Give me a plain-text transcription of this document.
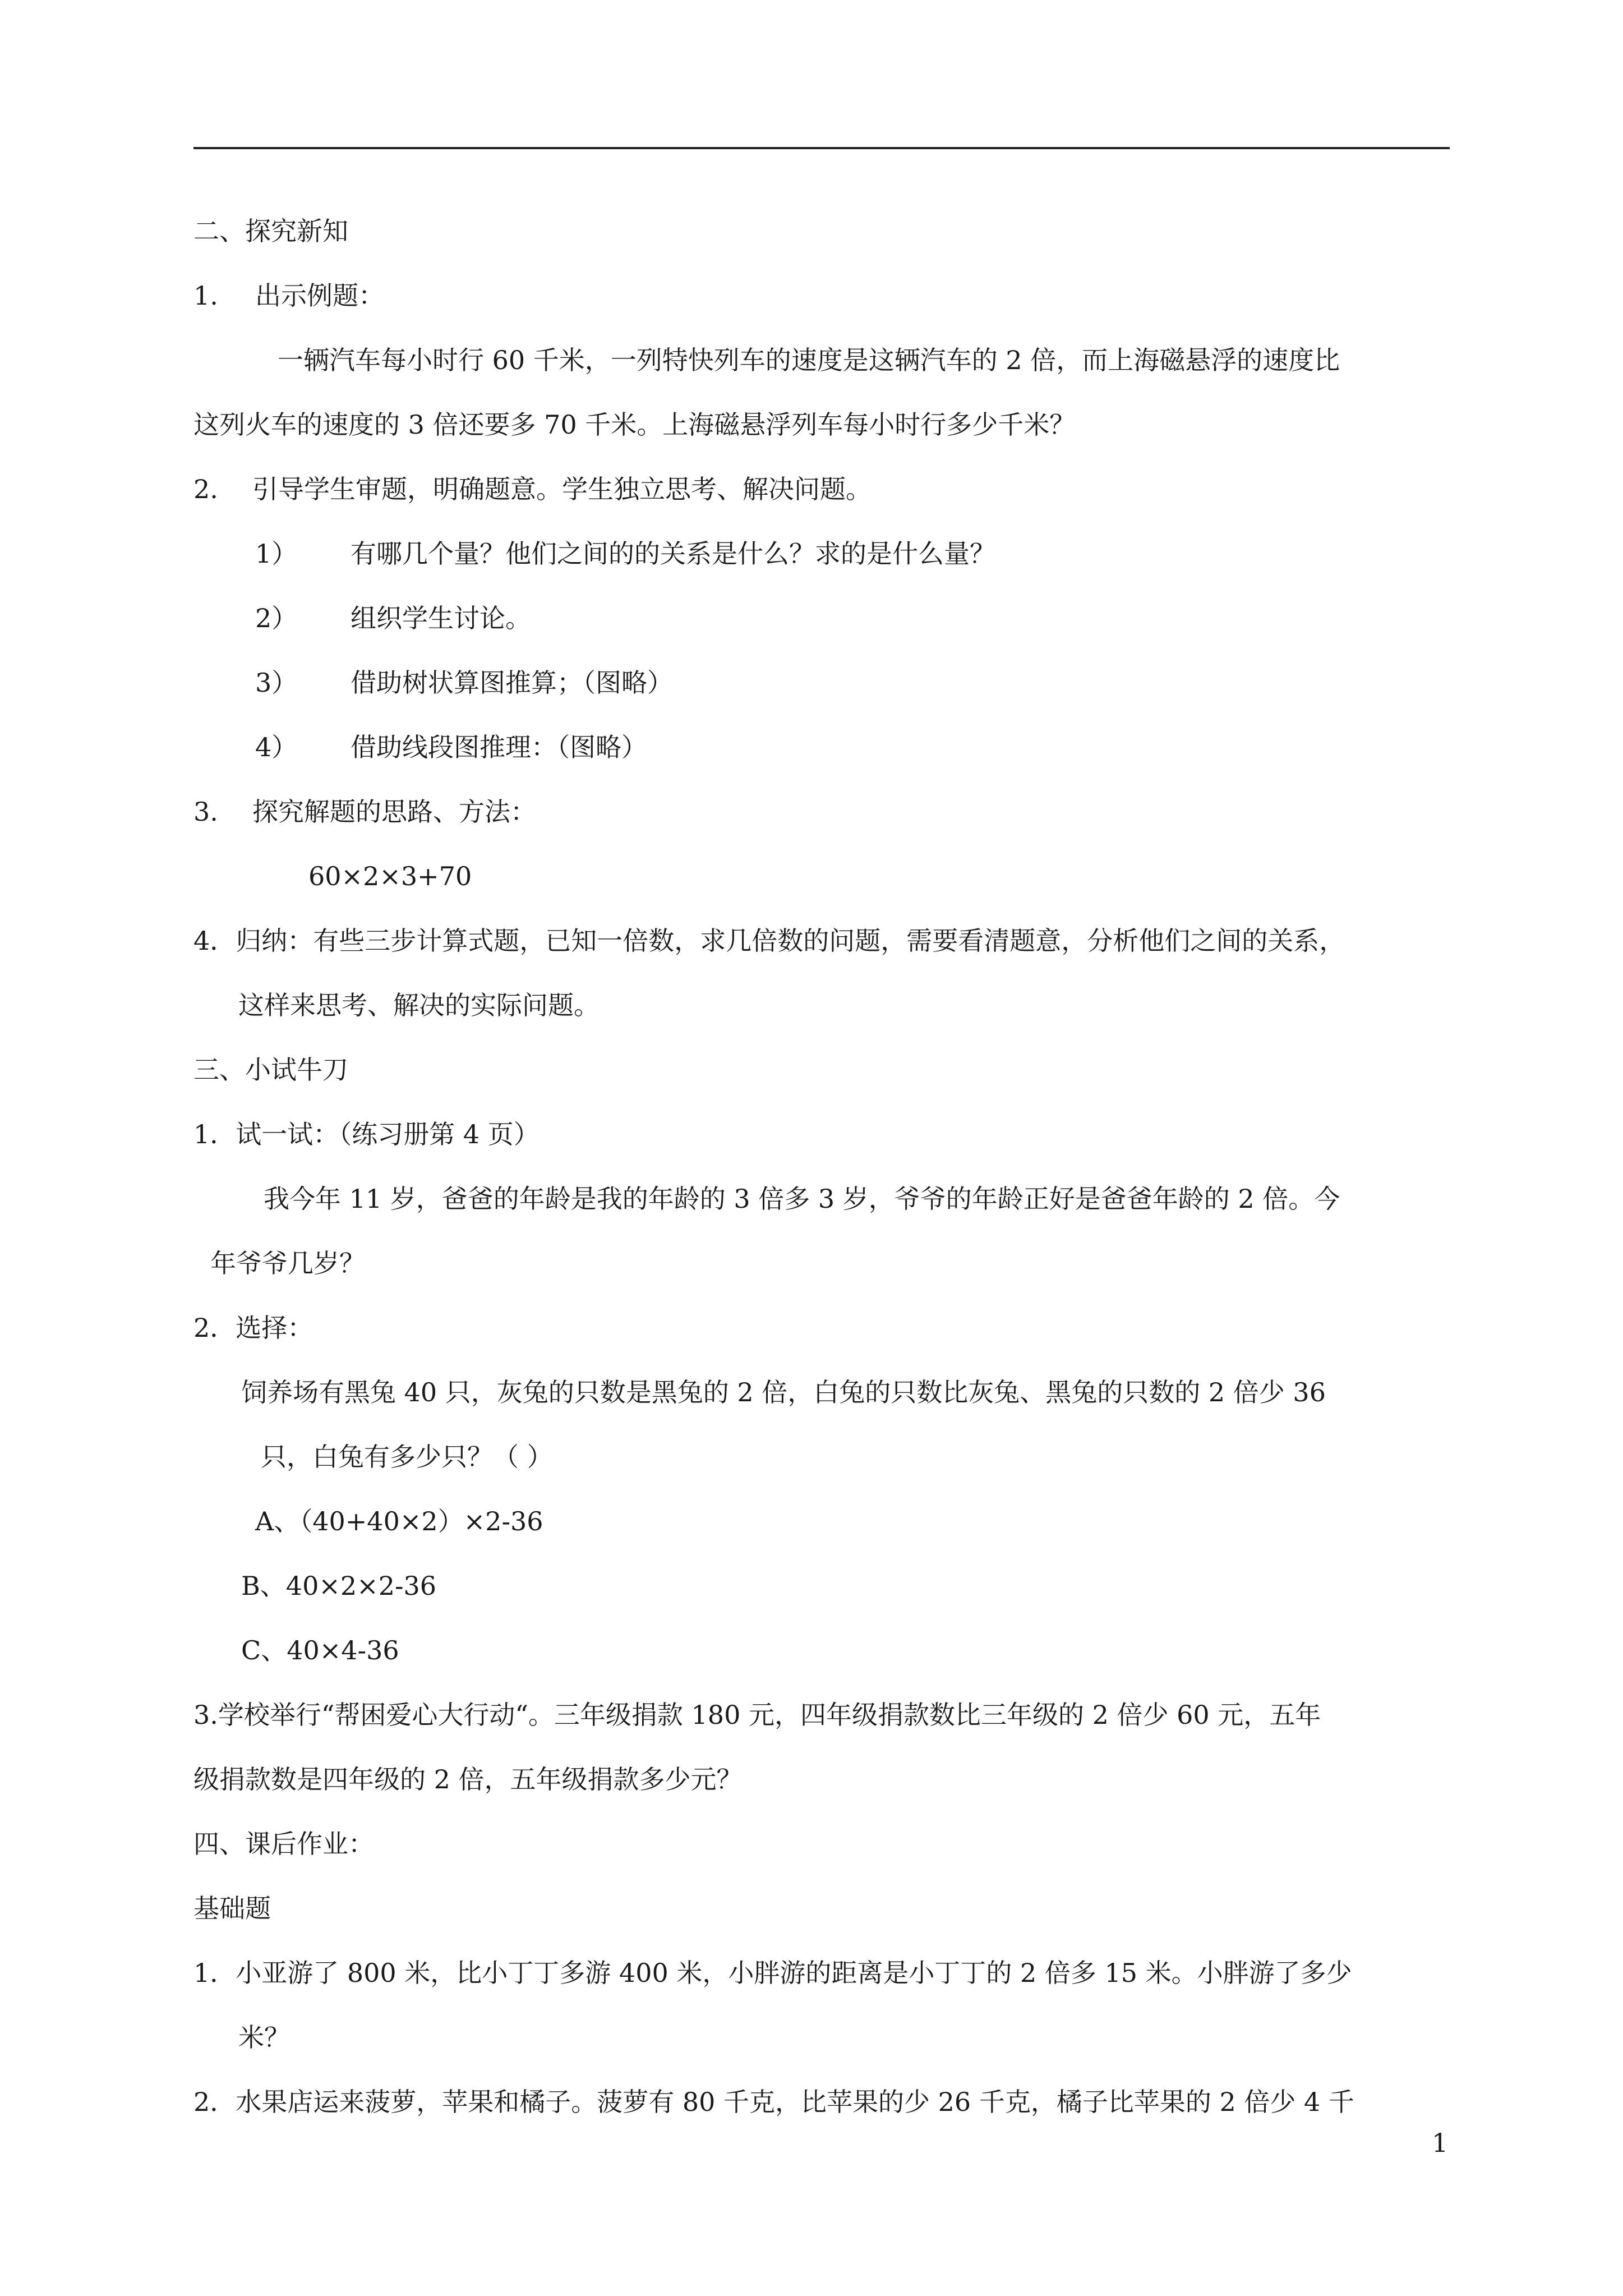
二、探究新知
1. 出示例题：
一辆汽车每小时行 60 千米，一列特快列车的速度是这辆汽车的 2 倍，而上海磁悬浮的速度比
这列火车的速度的 3 倍还要多 70 千米。上海磁悬浮列车每小时行多少千米？
2. 引导学生审题，明确题意。学生独立思考、解决问题。
1） 有哪几个量？他们之间的的关系是什么？求的是什么量？
2） 组织学生讨论。
3） 借助树状算图推算；（图略）
4） 借助线段图推理：（图略）
3. 探究解题的思路、方法：
60×2×3+70
4．归纳：有些三步计算式题，已知一倍数，求几倍数的问题，需要看清题意，分析他们之间的关系，
这样来思考、解决的实际问题。
三、小试牛刀
1．试一试：（练习册第 4 页）
我今年 11 岁，爸爸的年龄是我的年龄的 3 倍多 3 岁，爷爷的年龄正好是爸爸年龄的 2 倍。今
年爷爷几岁？
2．选择：
饲养场有黑兔 40 只，灰兔的只数是黑兔的 2 倍，白兔的只数比灰兔、黑兔的只数的 2 倍少 36
只，白兔有多少只？（ ）
A、（40+40×2）×2-36
B、40×2×2-36
C、40×4-36
3.学校举行“帮困爱心大行动“。三年级捐款 180 元，四年级捐款数比三年级的 2 倍少 60 元，五年
级捐款数是四年级的 2 倍，五年级捐款多少元？
四、课后作业：
基础题
1．小亚游了 800 米，比小丁丁多游 400 米，小胖游的距离是小丁丁的 2 倍多 15 米。小胖游了多少
米？
2．水果店运来菠萝，苹果和橘子。菠萝有 80 千克，比苹果的少 26 千克，橘子比苹果的 2 倍少 4 千
1
